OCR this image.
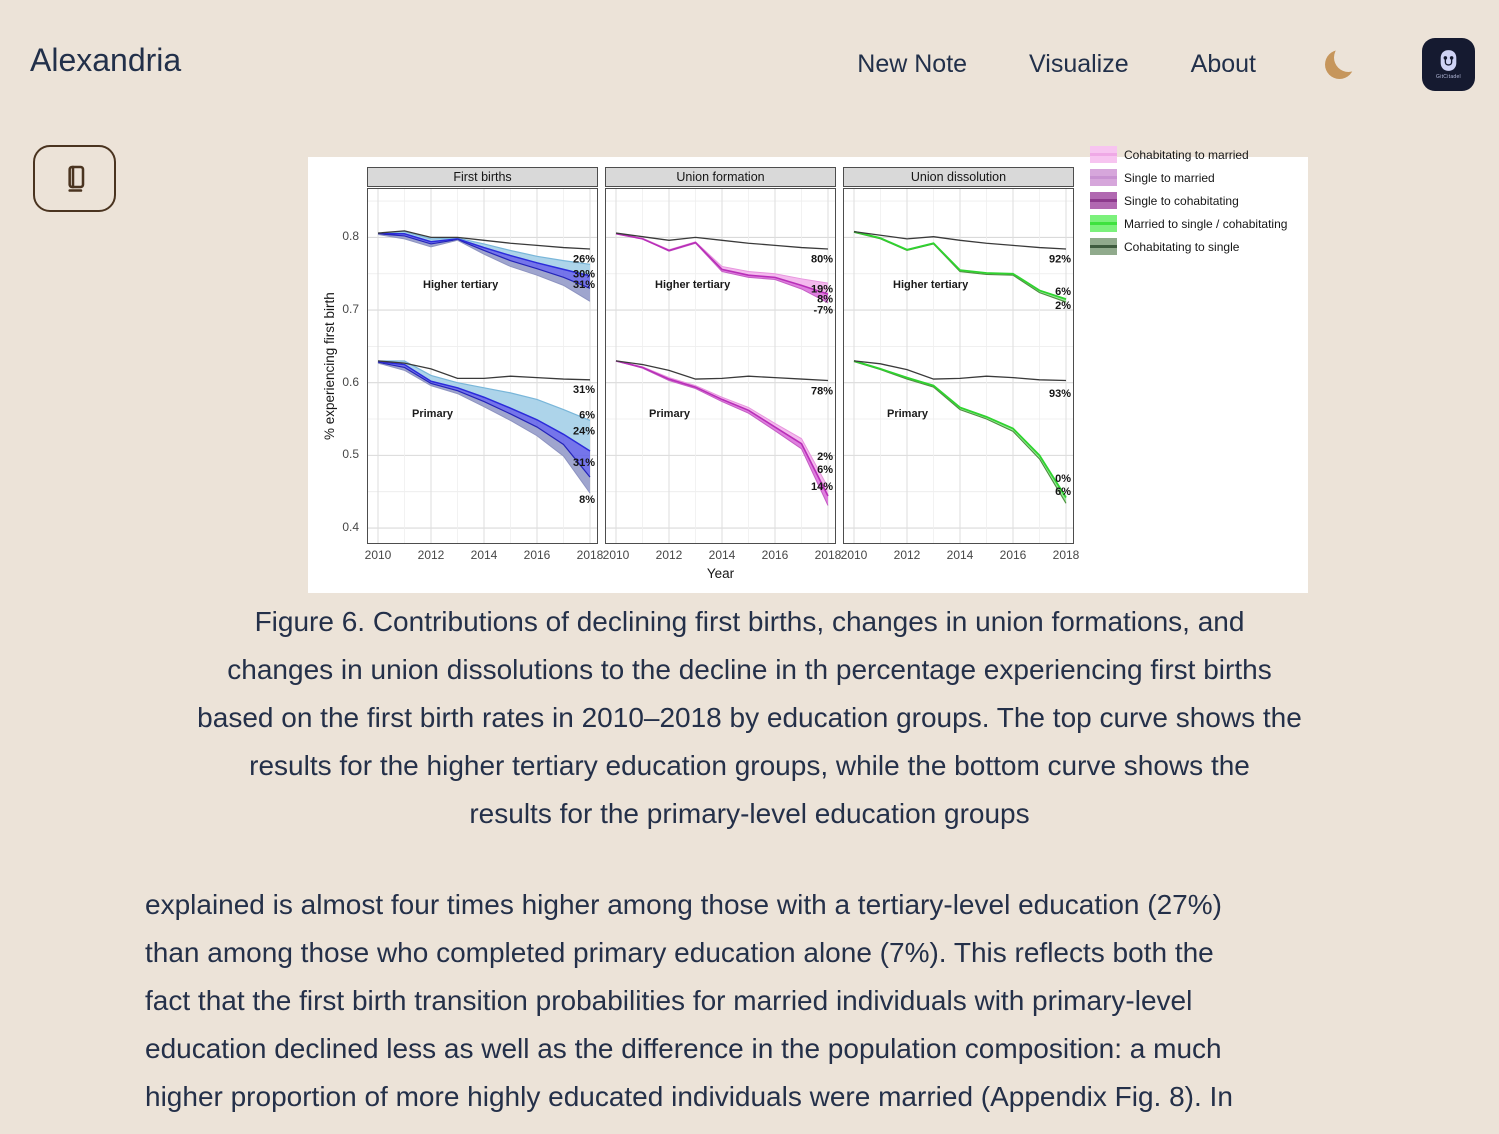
Alexandria	New Note Visualize About	GitCitadel
% experiencing first birth
Year
Cohabitating to married
Single to married
Single to cohabitating
Married to single / cohabitating
Cohabitating to single
First births
Higher tertiary
26%
30%
31%
Primary
31%
6%
24%
31%
8%
2010 2012 2014 2016 2018
Union formation
Higher tertiary
80%
19%
8%
-7%
Primary
78%
2%
6%
14%
2010 2012 2014 2016 2018
Union dissolution
Higher tertiary
92%
6%
2%
Primary
93%
0%
6%
2010 2012 2014 2016 2018
0.8
0.7
0.6
0.5
0.4
Figure 6. Contributions of declining first births, changes in union formations, and
changes in union dissolutions to the decline in th percentage experiencing first births
based on the first birth rates in 2010–2018 by education groups. The top curve shows the
results for the higher tertiary education groups, while the bottom curve shows the
results for the primary-level education groups
explained is almost four times higher among those with a tertiary-level education (27%)
than among those who completed primary education alone (7%). This reflects both the
fact that the first birth transition probabilities for married individuals with primary-level
education declined less as well as the difference in the population composition: a much
higher proportion of more highly educated individuals were married (Appendix Fig. 8). In
